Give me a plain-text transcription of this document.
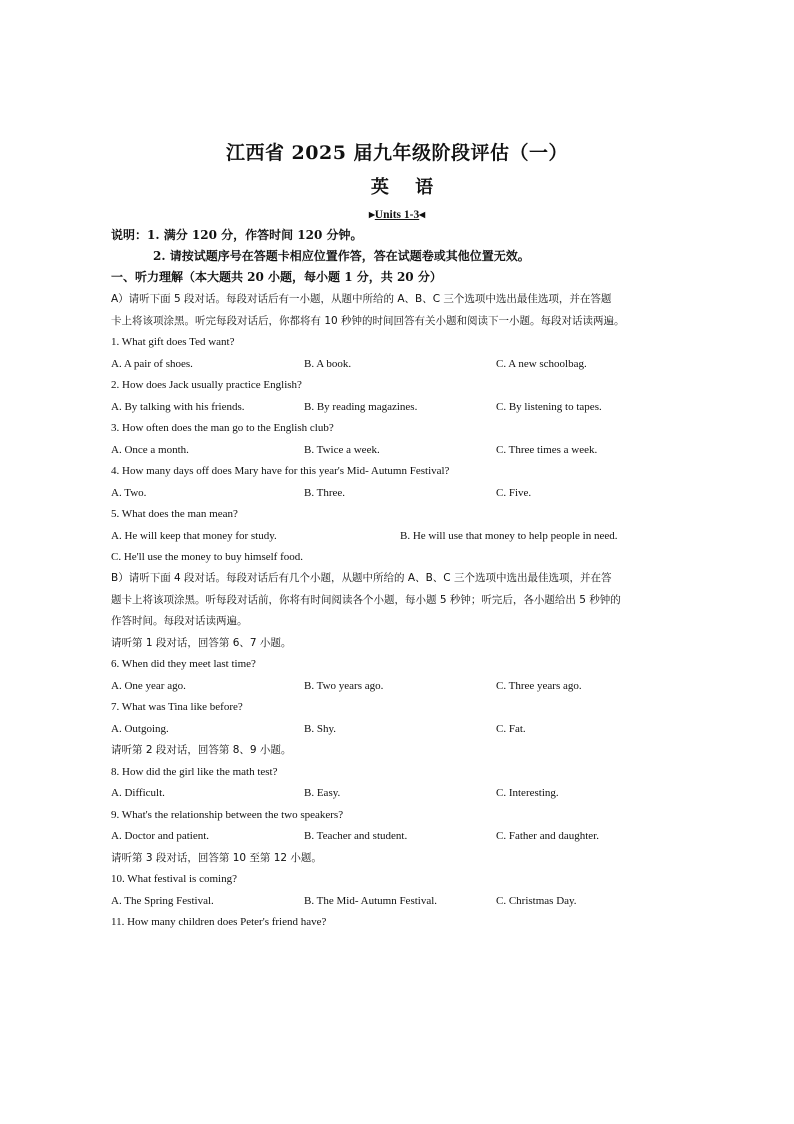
江西省 2025 届九年级阶段评估（一）
英 语
▸Units 1-3◂
说明：1. 满分 120 分，作答时间 120 分钟。
2. 请按试题序号在答题卡相应位置作答，答在试题卷或其他位置无效。
一、听力理解（本大题共 20 小题，每小题 1 分，共 20 分）
A）请听下面 5 段对话。每段对话后有一小题，从题中所给的 A、B、C 三个选项中选出最佳选项，并在答题
卡上将该项涂黑。听完每段对话后，你都将有 10 秒钟的时间回答有关小题和阅读下一小题。每段对话读两遍。
1. What gift does Ted want?
A. A pair of shoes.	B. A book.	C. A new schoolbag.
2. How does Jack usually practice English?
A. By talking with his friends.	B. By reading magazines.	C. By listening to tapes.
3. How often does the man go to the English club?
A. Once a month.	B. Twice a week.	C. Three times a week.
4. How many days off does Mary have for this year's Mid- Autumn Festival?
A. Two.	B. Three.	C. Five.
5. What does the man mean?
A. He will keep that money for study.	B. He will use that money to help people in need.
C. He'll use the money to buy himself food.
B）请听下面 4 段对话。每段对话后有几个小题，从题中所给的 A、B、C 三个选项中选出最佳选项，并在答
题卡上将该项涂黑。听每段对话前，你将有时间阅读各个小题，每小题 5 秒钟；听完后，各小题给出 5 秒钟的
作答时间。每段对话读两遍。
请听第 1 段对话，回答第 6、7 小题。
6. When did they meet last time?
A. One year ago.	B. Two years ago.	C. Three years ago.
7. What was Tina like before?
A. Outgoing.	B. Shy.	C. Fat.
请听第 2 段对话，回答第 8、9 小题。
8. How did the girl like the math test?
A. Difficult.	B. Easy.	C. Interesting.
9. What's the relationship between the two speakers?
A. Doctor and patient.	B. Teacher and student.	C. Father and daughter.
请听第 3 段对话，回答第 10 至第 12 小题。
10. What festival is coming?
A. The Spring Festival.	B. The Mid- Autumn Festival.	C. Christmas Day.
11. How many children does Peter's friend have?
